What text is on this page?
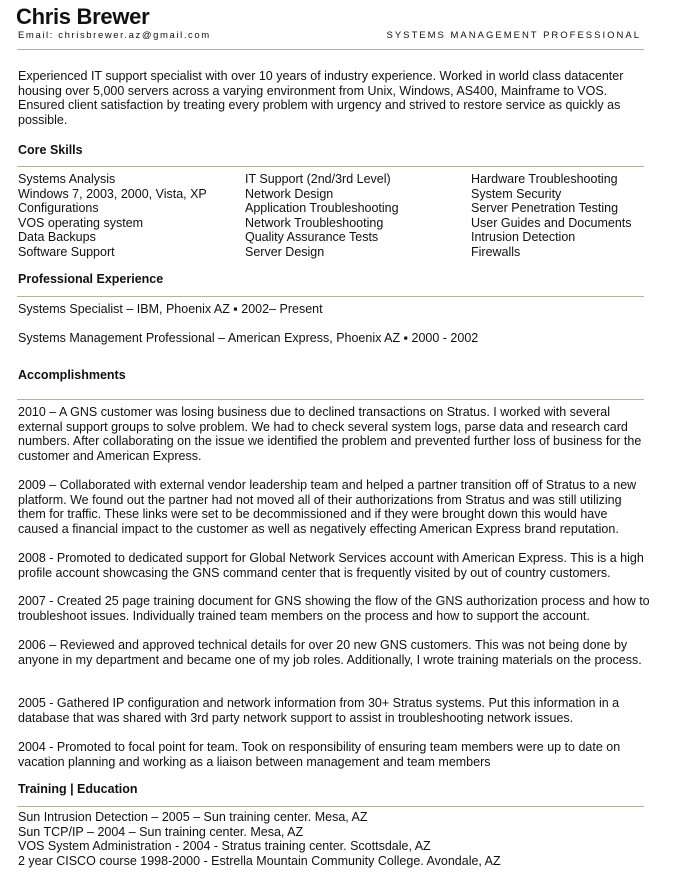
Chris Brewer
Email: chrisbrewer.az@gmail.com	SYSTEMS MANAGEMENT PROFESSIONAL
Experienced IT support specialist with over 10 years of industry experience. Worked in world class datacenter housing over 5,000 servers across a varying environment from Unix, Windows, AS400, Mainframe to VOS. Ensured client satisfaction by treating every problem with urgency and strived to restore service as quickly as possible.
Core Skills
Systems Analysis
Windows 7, 2003, 2000, Vista, XP
Configurations
VOS operating system
Data Backups
Software Support
IT Support (2nd/3rd Level)
Network Design
Application Troubleshooting
Network Troubleshooting
Quality Assurance Tests
Server Design
Hardware Troubleshooting
System Security
Server Penetration Testing
User Guides and Documents
Intrusion Detection
Firewalls
Professional Experience
Systems Specialist – IBM, Phoenix AZ ▪ 2002– Present
Systems Management Professional – American Express, Phoenix AZ ▪ 2000 - 2002
Accomplishments
2010 – A GNS customer was losing business due to declined transactions on Stratus. I worked with several external support groups to solve problem. We had to check several system logs, parse data and research card numbers. After collaborating on the issue we identified the problem and prevented further loss of business for the customer and American Express.
2009 – Collaborated with external vendor leadership team and helped a partner transition off of Stratus to a new platform. We found out the partner had not moved all of their authorizations from Stratus and was still utilizing them for traffic. These links were set to be decommissioned and if they were brought down this would have caused a financial impact to the customer as well as negatively effecting American Express brand reputation.
2008 - Promoted to dedicated support for Global Network Services account with American Express. This is a high profile account showcasing the GNS command center that is frequently visited by out of country customers.
2007 - Created 25 page training document for GNS showing the flow of the GNS authorization process and how to troubleshoot issues. Individually trained team members on the process and how to support the account.
2006 – Reviewed and approved technical details for over 20 new GNS customers. This was not being done by anyone in my department and became one of my job roles. Additionally, I wrote training materials on the process.
2005 - Gathered IP configuration and network information from 30+ Stratus systems. Put this information in a database that was shared with 3rd party network support to assist in troubleshooting network issues.
2004 - Promoted to focal point for team. Took on responsibility of ensuring team members were up to date on vacation planning and working as a liaison between management and team members
Training | Education
Sun Intrusion Detection – 2005 – Sun training center. Mesa, AZ
Sun TCP/IP – 2004 – Sun training center. Mesa, AZ
VOS System Administration - 2004 - Stratus training center. Scottsdale, AZ
2 year CISCO course 1998-2000 - Estrella Mountain Community College. Avondale, AZ
